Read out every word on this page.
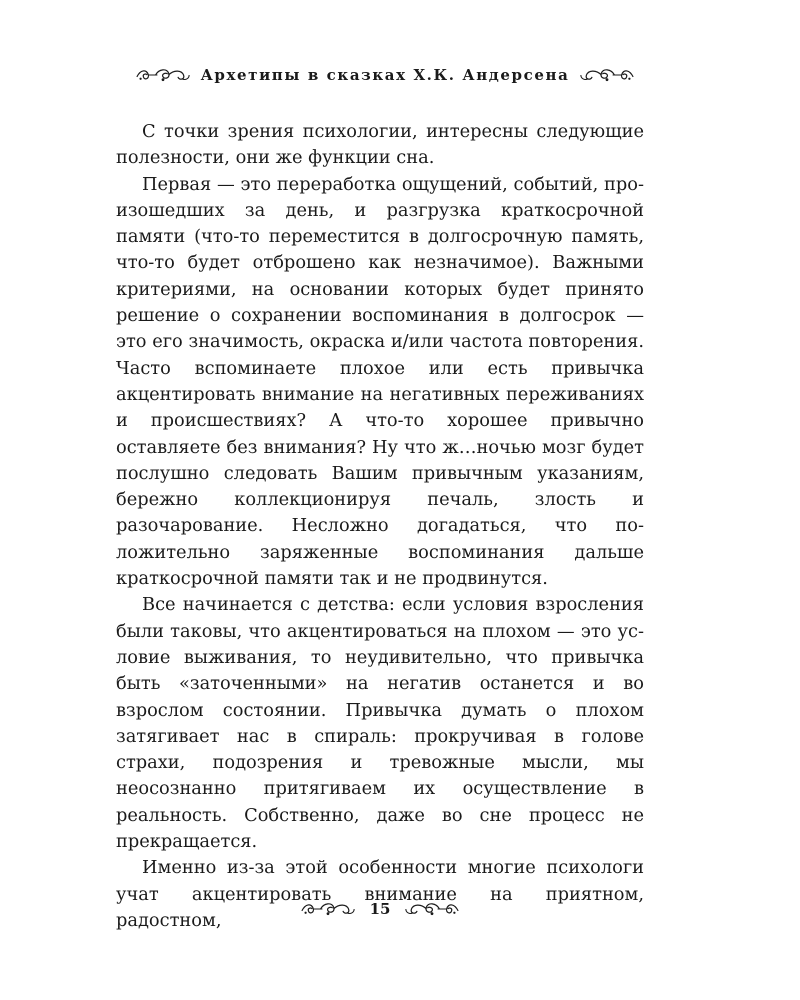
Архетипы в сказках Х.К. Андерсена

С точки зрения психологии, интересны следующие полезности, они же функции сна.

Первая — это переработка ощущений, событий, произошедших за день, и разгрузка краткосрочной памяти (что-то переместится в долгосрочную память, что-то будет отброшено как незначимое). Важными критериями, на основании которых будет принято решение о сохранении воспоминания в долгосрок — это его значимость, окраска и/или частота повторения. Часто вспоминаете плохое или есть привычка акцентировать внимание на негативных переживаниях и происшествиях? А что-то хорошее привычно оставляете без внимания? Ну что ж…ночью мозг будет послушно следовать Вашим привычным указаниям, бережно коллекционируя печаль, злость и разочарование. Несложно догадаться, что положительно заряженные воспоминания дальше краткосрочной памяти так и не продвинутся.

Все начинается с детства: если условия взросления были таковы, что акцентироваться на плохом — это условие выживания, то неудивительно, что привычка быть «заточенными» на негатив останется и во взрослом состоянии. Привычка думать о плохом затягивает нас в спираль: прокручивая в голове страхи, подозрения и тревожные мысли, мы неосознанно притягиваем их осуществление в реальность. Собственно, даже во сне процесс не прекращается.

Именно из-за этой особенности многие психологи учат акцентировать внимание на приятном, радостном,

15
